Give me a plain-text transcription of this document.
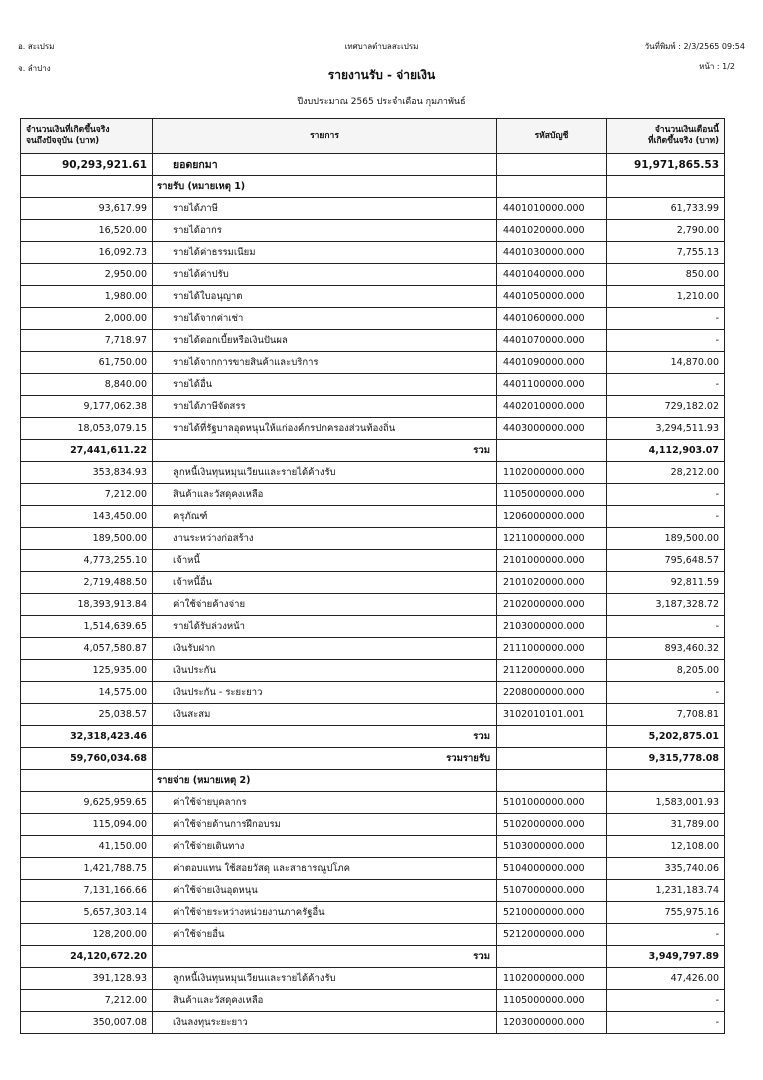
อ. สะเปรม
จ. ลำปาง
เทศบาลตำบลสะเปรม	วันที่พิมพ์ : 2/3/2565 09:54
หน้า : 1/2
รายงานรับ - จ่ายเงิน
ปีงบประมาณ 2565 ประจำเดือน กุมภาพันธ์
จำนวนเงินที่เกิดขึ้นจริง
จนถึงปัจจุบัน (บาท)	รายการ	รหัสบัญชี	จำนวนเงินเดือนนี้
ที่เกิดขึ้นจริง (บาท)
90,293,921.61	ยอดยกมา		91,971,865.53
	รายรับ (หมายเหตุ 1)		
93,617.99	รายได้ภาษี	4401010000.000	61,733.99
16,520.00	รายได้อากร	4401020000.000	2,790.00
16,092.73	รายได้ค่าธรรมเนียม	4401030000.000	7,755.13
2,950.00	รายได้ค่าปรับ	4401040000.000	850.00
1,980.00	รายได้ใบอนุญาต	4401050000.000	1,210.00
2,000.00	รายได้จากค่าเช่า	4401060000.000	-
7,718.97	รายได้ดอกเบี้ยหรือเงินปันผล	4401070000.000	-
61,750.00	รายได้จากการขายสินค้าและบริการ	4401090000.000	14,870.00
8,840.00	รายได้อื่น	4401100000.000	-
9,177,062.38	รายได้ภาษีจัดสรร	4402010000.000	729,182.02
18,053,079.15	รายได้ที่รัฐบาลอุดหนุนให้แก่องค์กรปกครองส่วนท้องถิ่น	4403000000.000	3,294,511.93
27,441,611.22	รวม		4,112,903.07
353,834.93	ลูกหนี้เงินทุนหมุนเวียนและรายได้ค้างรับ	1102000000.000	28,212.00
7,212.00	สินค้าและวัสดุคงเหลือ	1105000000.000	-
143,450.00	ครุภัณฑ์	1206000000.000	-
189,500.00	งานระหว่างก่อสร้าง	1211000000.000	189,500.00
4,773,255.10	เจ้าหนี้	2101000000.000	795,648.57
2,719,488.50	เจ้าหนี้อื่น	2101020000.000	92,811.59
18,393,913.84	ค่าใช้จ่ายค้างจ่าย	2102000000.000	3,187,328.72
1,514,639.65	รายได้รับล่วงหน้า	2103000000.000	-
4,057,580.87	เงินรับฝาก	2111000000.000	893,460.32
125,935.00	เงินประกัน	2112000000.000	8,205.00
14,575.00	เงินประกัน - ระยะยาว	2208000000.000	-
25,038.57	เงินสะสม	3102010101.001	7,708.81
32,318,423.46	รวม		5,202,875.01
59,760,034.68	รวมรายรับ		9,315,778.08
	รายจ่าย (หมายเหตุ 2)		
9,625,959.65	ค่าใช้จ่ายบุคลากร	5101000000.000	1,583,001.93
115,094.00	ค่าใช้จ่ายด้านการฝึกอบรม	5102000000.000	31,789.00
41,150.00	ค่าใช้จ่ายเดินทาง	5103000000.000	12,108.00
1,421,788.75	ค่าตอบแทน ใช้สอยวัสดุ และสาธารณูปโภค	5104000000.000	335,740.06
7,131,166.66	ค่าใช้จ่ายเงินอุดหนุน	5107000000.000	1,231,183.74
5,657,303.14	ค่าใช้จ่ายระหว่างหน่วยงานภาครัฐอื่น	5210000000.000	755,975.16
128,200.00	ค่าใช้จ่ายอื่น	5212000000.000	-
24,120,672.20	รวม		3,949,797.89
391,128.93	ลูกหนี้เงินทุนหมุนเวียนและรายได้ค้างรับ	1102000000.000	47,426.00
7,212.00	สินค้าและวัสดุคงเหลือ	1105000000.000	-
350,007.08	เงินลงทุนระยะยาว	1203000000.000	-
